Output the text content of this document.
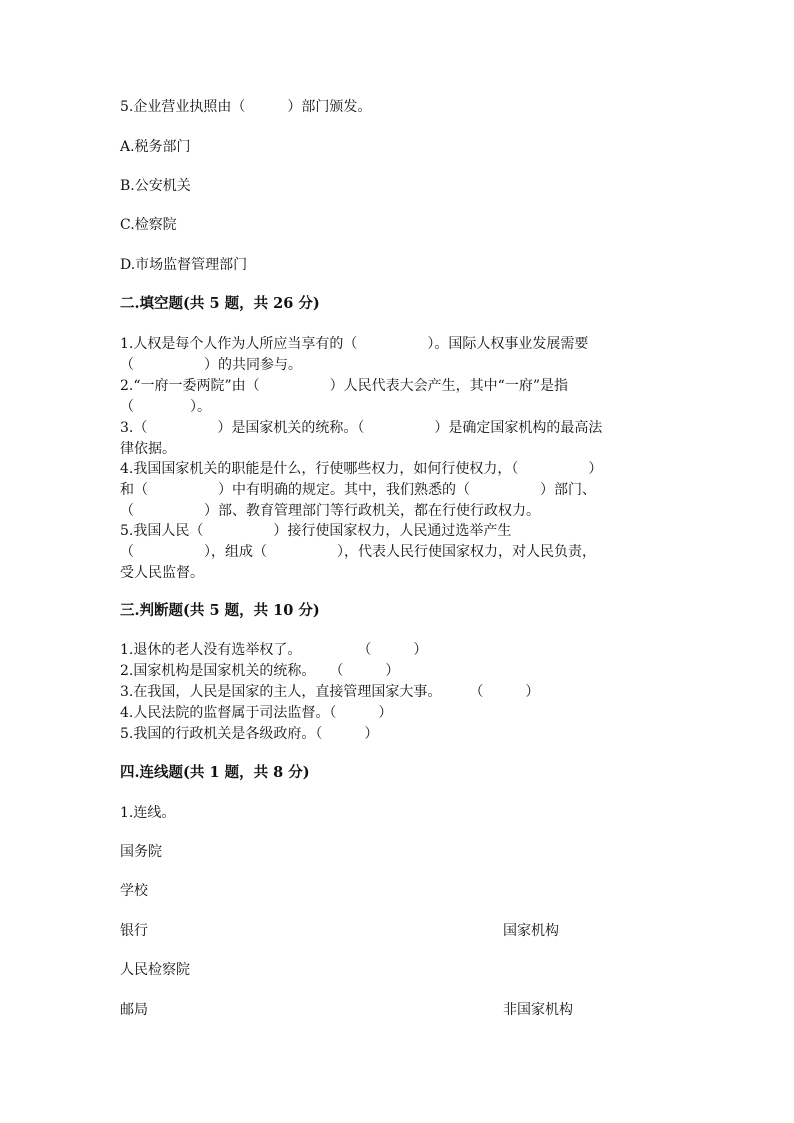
5.企业营业执照由（　　　）部门颁发。
A.税务部门
B.公安机关
C.检察院
D.市场监督管理部门
二.填空题(共 5 题，共 26 分)
1.人权是每个人作为人所应当享有的（　　　　　）。国际人权事业发展需要
（　　　　　）的共同参与。
2.“一府一委两院”由（　　　　　）人民代表大会产生，其中“一府”是指
（　　　　）。
3.（　　　　　）是国家机关的统称。（　　　　　）是确定国家机构的最高法
律依据。
4.我国国家机关的职能是什么，行使哪些权力，如何行使权力，（　　　　　）
和（　　　　　）中有明确的规定。其中，我们熟悉的（　　　　　）部门、
（　　　　　）部、教育管理部门等行政机关，都在行使行政权力。
5.我国人民（　　　　　）接行使国家权力，人民通过选举产生
（　　　　　），组成（　　　　　），代表人民行使国家权力，对人民负责，
受人民监督。
三.判断题(共 5 题，共 10 分)
1.退休的老人没有选举权了。　　　　　（　　　）
2.国家机构是国家机关的统称。　　（　　　）
3.在我国，人民是国家的主人，直接管理国家大事。　　　（　　　）
4.人民法院的监督属于司法监督。（　　　）
5.我国的行政机关是各级政府。（　　　）
四.连线题(共 1 题，共 8 分)
1.连线。
国务院
学校
银行	国家机构
人民检察院
邮局	非国家机构
